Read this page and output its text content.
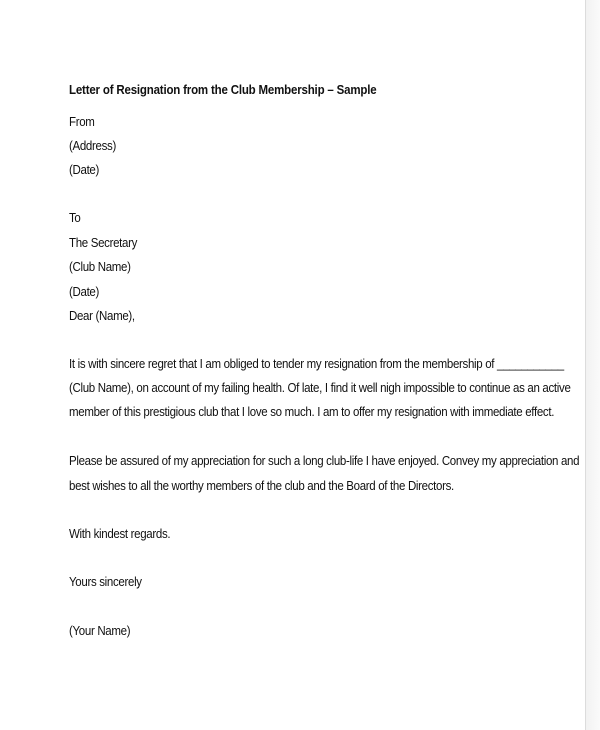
Letter of Resignation from the Club Membership – Sample
From
(Address)
(Date)
To
The Secretary
(Club Name)
(Date)
Dear (Name),
It is with sincere regret that I am obliged to tender my resignation from the membership of ___________
(Club Name), on account of my failing health. Of late, I find it well nigh impossible to continue as an active
member of this prestigious club that I love so much. I am to offer my resignation with immediate effect.
Please be assured of my appreciation for such a long club-life I have enjoyed. Convey my appreciation and
best wishes to all the worthy members of the club and the Board of the Directors.
With kindest regards.
Yours sincerely
(Your Name)
